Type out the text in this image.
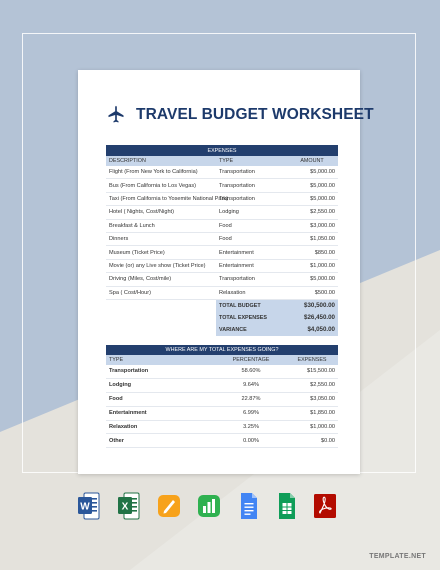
TRAVEL BUDGET WORKSHEET
EXPENSES		
DESCRIPTION	TYPE	AMOUNT
Flight (From New York to California)	Transportation	$5,000.00
Bus (From California to Los Vegas)	Transportation	$5,000.00
Taxi (From California to Yosemite National Park)	Transportation	$5,000.00
Hotel ( Nights, Cost/Night)	Lodging	$2,550.00
Breakfast & Lunch	Food	$3,000.00
Dinners	Food	$1,050.00
Museum (Ticket Price)	Entertainment	$850.00
Movie (or) any Live show (Ticket Price)	Entertainment	$1,000.00
Driving (Miles, Cost/mile)	Transportation	$5,000.00
Spa ( Cost/Hour)	Relaxation	$500.00
	TOTAL BUDGET	$30,500.00
	TOTAL EXPENSES	$26,450.00
	VARIANCE	$4,050.00
WHERE ARE MY TOTAL EXPENSES GOING?		
TYPE	PERCENTAGE	EXPENSES
Transportation	58.60%	$15,500.00
Lodging	9.64%	$2,550.00
Food	22.87%	$3,050.00
Entertainment	6.99%	$1,850.00
Relaxation	3.25%	$1,000.00
Other	0.00%	$0.00
W	X
TEMPLATE.NET
